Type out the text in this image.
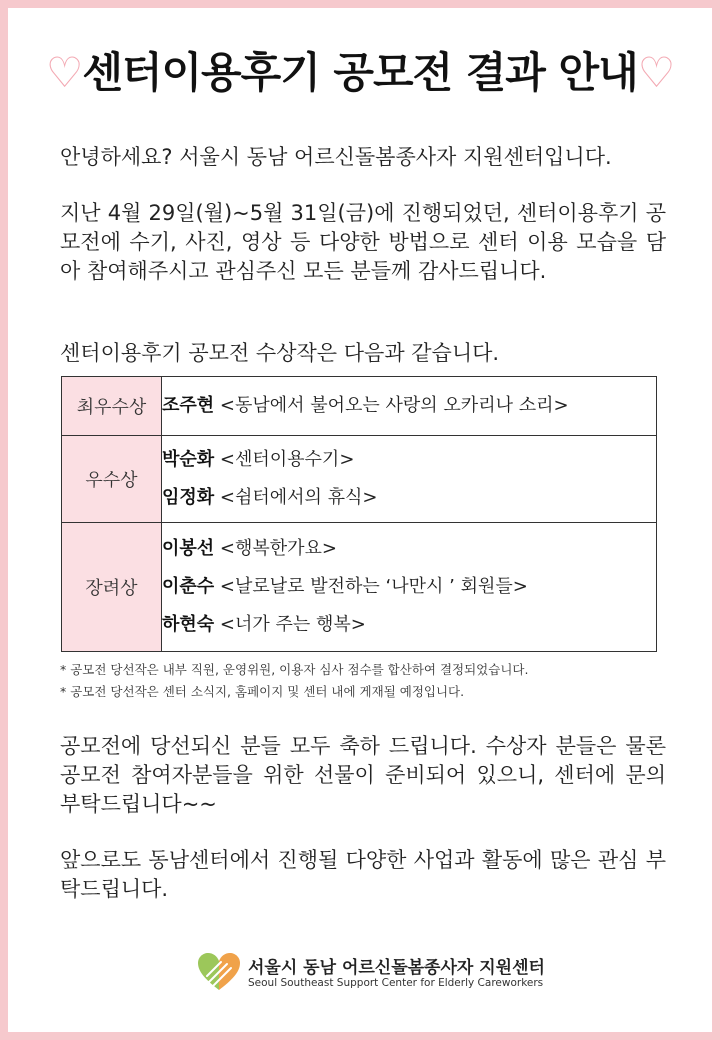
♡센터이용후기 공모전 결과 안내♡
안녕하세요? 서울시 동남 어르신돌봄종사자 지원센터입니다.
지난 4월 29일(월)~5월 31일(금)에 진행되었던, 센터이용후기 공모전에 수기, 사진, 영상 등 다양한 방법으로 센터 이용 모습을 담아 참여해주시고 관심주신 모든 분들께 감사드립니다.
센터이용후기 공모전 수상작은 다음과 같습니다.
최우수상	조주현 <동남에서 불어오는 사랑의 오카리나 소리>

우수상	박순화 <센터이용수기>
임정화 <쉼터에서의 휴식>

장려상	이봉선 <행복한가요>
이춘수 <날로날로 발전하는 ‘나만시 ’ 회원들>
하현숙 <너가 주는 행복>
* 공모전 당선작은 내부 직원, 운영위원, 이용자 심사 점수를 합산하여 결정되었습니다.
* 공모전 당선작은 센터 소식지, 홈페이지 및 센터 내에 게재될 예정입니다.
공모전에 당선되신 분들 모두 축하 드립니다. 수상자 분들은 물론 공모전 참여자분들을 위한 선물이 준비되어 있으니, 센터에 문의 부탁드립니다~~
앞으로도 동남센터에서 진행될 다양한 사업과 활동에 많은 관심 부탁드립니다.
서울시 동남 어르신돌봄종사자 지원센터
Seoul Southeast Support Center for Elderly Careworkers
